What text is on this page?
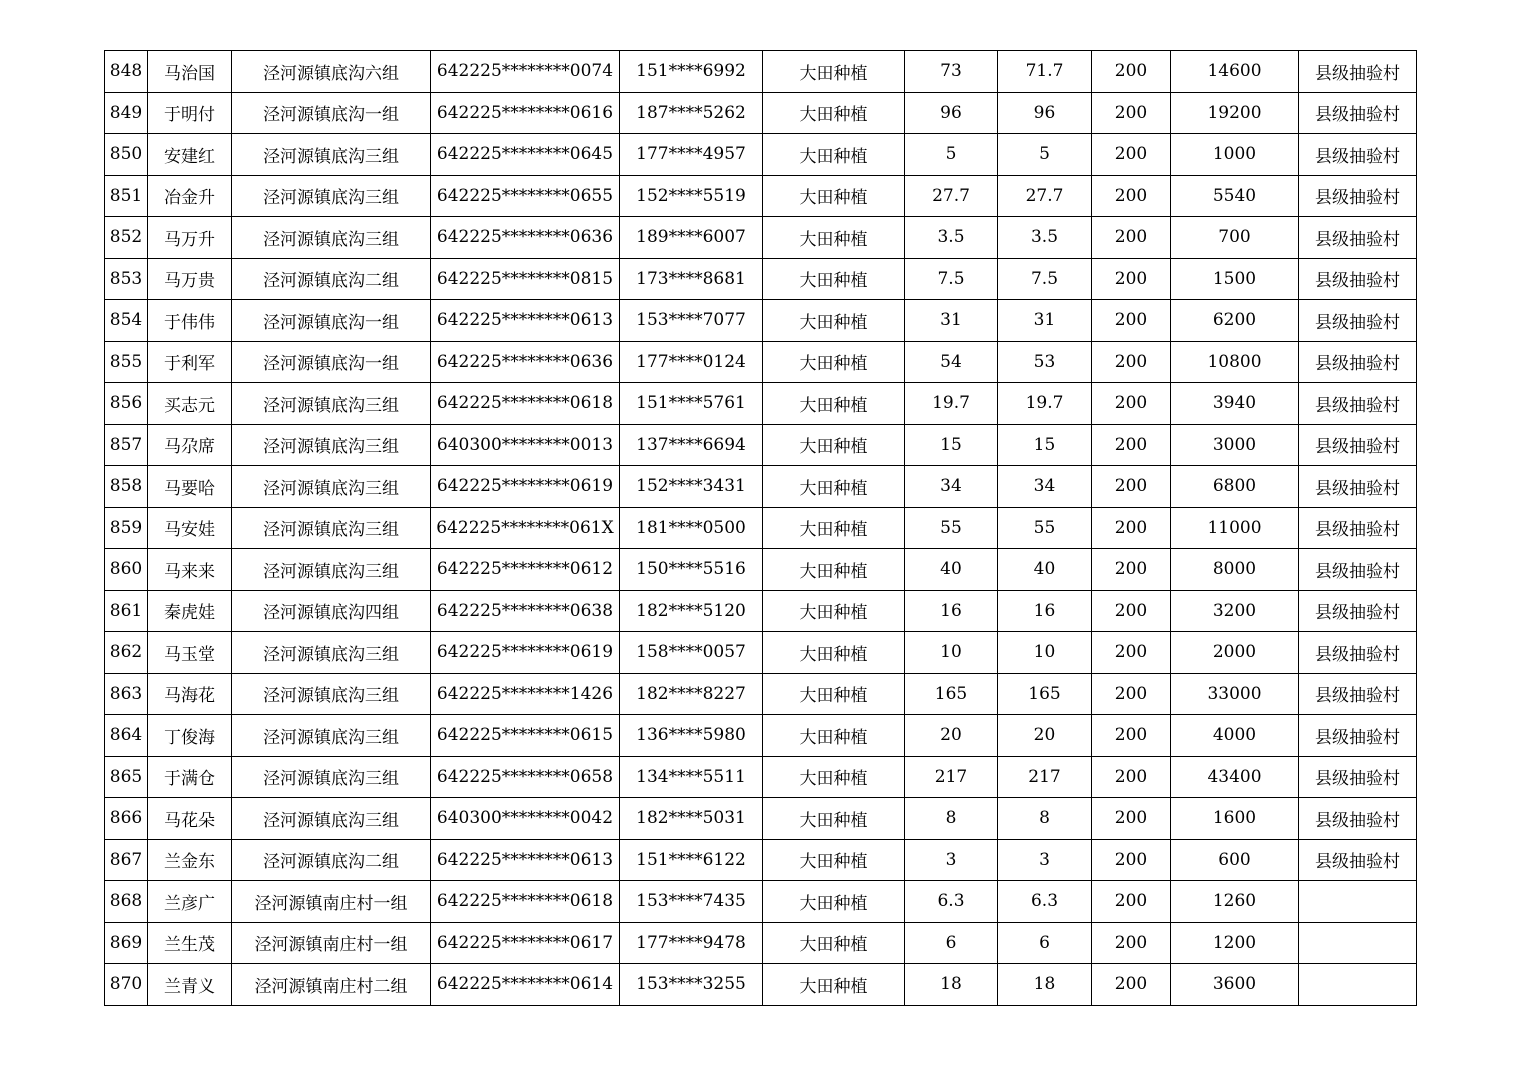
848	马治国	泾河源镇底沟六组	642225********0074	151****6992	大田种植	73	71.7	200	14600	县级抽验村
849	于明付	泾河源镇底沟一组	642225********0616	187****5262	大田种植	96	96	200	19200	县级抽验村
850	安建红	泾河源镇底沟三组	642225********0645	177****4957	大田种植	5	5	200	1000	县级抽验村
851	冶金升	泾河源镇底沟三组	642225********0655	152****5519	大田种植	27.7	27.7	200	5540	县级抽验村
852	马万升	泾河源镇底沟三组	642225********0636	189****6007	大田种植	3.5	3.5	200	700	县级抽验村
853	马万贵	泾河源镇底沟二组	642225********0815	173****8681	大田种植	7.5	7.5	200	1500	县级抽验村
854	于伟伟	泾河源镇底沟一组	642225********0613	153****7077	大田种植	31	31	200	6200	县级抽验村
855	于利军	泾河源镇底沟一组	642225********0636	177****0124	大田种植	54	53	200	10800	县级抽验村
856	买志元	泾河源镇底沟三组	642225********0618	151****5761	大田种植	19.7	19.7	200	3940	县级抽验村
857	马尕席	泾河源镇底沟三组	640300********0013	137****6694	大田种植	15	15	200	3000	县级抽验村
858	马要哈	泾河源镇底沟三组	642225********0619	152****3431	大田种植	34	34	200	6800	县级抽验村
859	马安娃	泾河源镇底沟三组	642225********061X	181****0500	大田种植	55	55	200	11000	县级抽验村
860	马来来	泾河源镇底沟三组	642225********0612	150****5516	大田种植	40	40	200	8000	县级抽验村
861	秦虎娃	泾河源镇底沟四组	642225********0638	182****5120	大田种植	16	16	200	3200	县级抽验村
862	马玉堂	泾河源镇底沟三组	642225********0619	158****0057	大田种植	10	10	200	2000	县级抽验村
863	马海花	泾河源镇底沟三组	642225********1426	182****8227	大田种植	165	165	200	33000	县级抽验村
864	丁俊海	泾河源镇底沟三组	642225********0615	136****5980	大田种植	20	20	200	4000	县级抽验村
865	于满仓	泾河源镇底沟三组	642225********0658	134****5511	大田种植	217	217	200	43400	县级抽验村
866	马花朵	泾河源镇底沟三组	640300********0042	182****5031	大田种植	8	8	200	1600	县级抽验村
867	兰金东	泾河源镇底沟二组	642225********0613	151****6122	大田种植	3	3	200	600	县级抽验村
868	兰彦广	泾河源镇南庄村一组	642225********0618	153****7435	大田种植	6.3	6.3	200	1260	
869	兰生茂	泾河源镇南庄村一组	642225********0617	177****9478	大田种植	6	6	200	1200	
870	兰青义	泾河源镇南庄村二组	642225********0614	153****3255	大田种植	18	18	200	3600	
